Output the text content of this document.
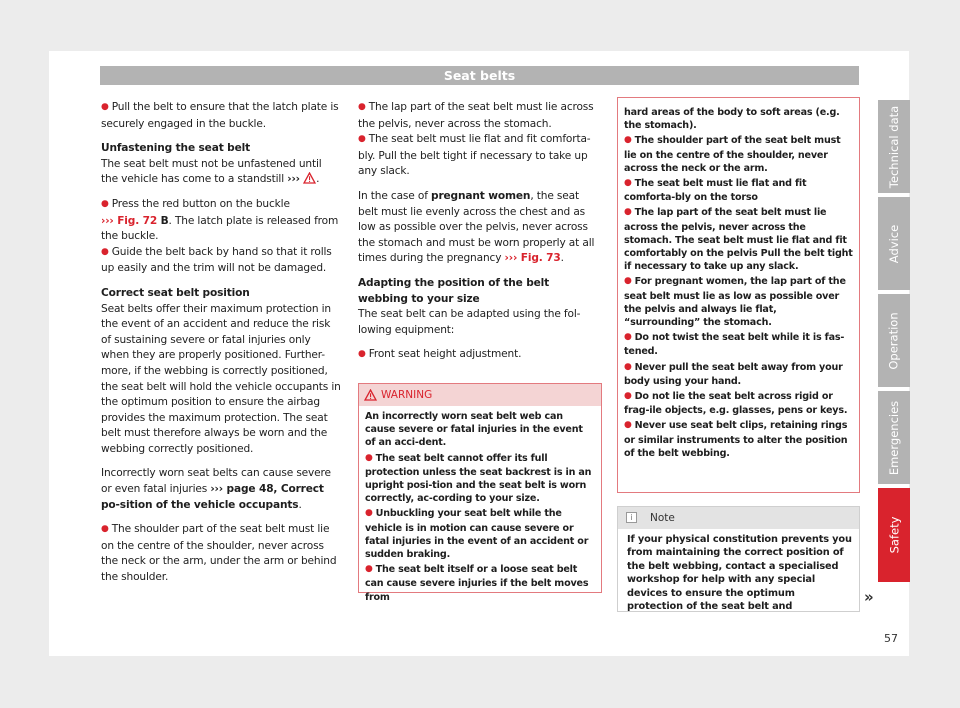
Seat belts

● Pull the belt to ensure that the latch plate is securely engaged in the buckle.

Unfastening the seat belt

The seat belt must not be unfastened until the vehicle has come to a standstill ››› .

● Press the red button on the buckle
››› Fig. 72 B. The latch plate is released from the buckle.

● Guide the belt back by hand so that it rolls up easily and the trim will not be damaged.

Correct seat belt position

Seat belts offer their maximum protection in the event of an accident and reduce the risk of sustaining severe or fatal injuries only when they are properly positioned. Further-more, if the webbing is correctly positioned, the seat belt will hold the vehicle occupants in the optimum position to ensure the airbag provides the maximum protection. The seat belt must therefore always be worn and the webbing correctly positioned.

Incorrectly worn seat belts can cause severe or even fatal injuries ››› page 48, Correct po-sition of the vehicle occupants.

● The shoulder part of the seat belt must lie on the centre of the shoulder, never across the neck or the arm, under the arm or behind the shoulder.

● The lap part of the seat belt must lie across the pelvis, never across the stomach.

● The seat belt must lie flat and fit comforta-bly. Pull the belt tight if necessary to take up any slack.

In the case of pregnant women, the seat belt must lie evenly across the chest and as low as possible over the pelvis, never across the stomach and must be worn properly at all times during the pregnancy ››› Fig. 73.

Adapting the position of the belt webbing to your size

The seat belt can be adapted using the fol-lowing equipment:

● Front seat height adjustment.

WARNING

An incorrectly worn seat belt web can cause severe or fatal injuries in the event of an acci-dent.

● The seat belt cannot offer its full protection unless the seat backrest is in an upright posi-tion and the seat belt is worn correctly, ac-cording to your size.

● Unbuckling your seat belt while the vehicle is in motion can cause severe or fatal injuries in the event of an accident or sudden braking.

● The seat belt itself or a loose seat belt can cause severe injuries if the belt moves from

hard areas of the body to soft areas (e.g. the stomach).

● The shoulder part of the seat belt must lie on the centre of the shoulder, never across the neck or the arm.

● The seat belt must lie flat and fit comforta-bly on the torso

● The lap part of the seat belt must lie across the pelvis, never across the stomach. The seat belt must lie flat and fit comfortably on the pelvis Pull the belt tight if necessary to take up any slack.

● For pregnant women, the lap part of the seat belt must lie as low as possible over the pelvis and always lie flat, “surrounding” the stomach.

● Do not twist the seat belt while it is fas-tened.

● Never pull the seat belt away from your body using your hand.

● Do not lie the seat belt across rigid or frag-ile objects, e.g. glasses, pens or keys.

● Never use seat belt clips, retaining rings or similar instruments to alter the position of the belt webbing.

i	Note
If your physical constitution prevents you from maintaining the correct position of the belt webbing, contact a specialised workshop for help with any special devices to ensure the optimum protection of the seat belt and
»
Technical data
Advice
Operation
Emergencies
Safety
57
